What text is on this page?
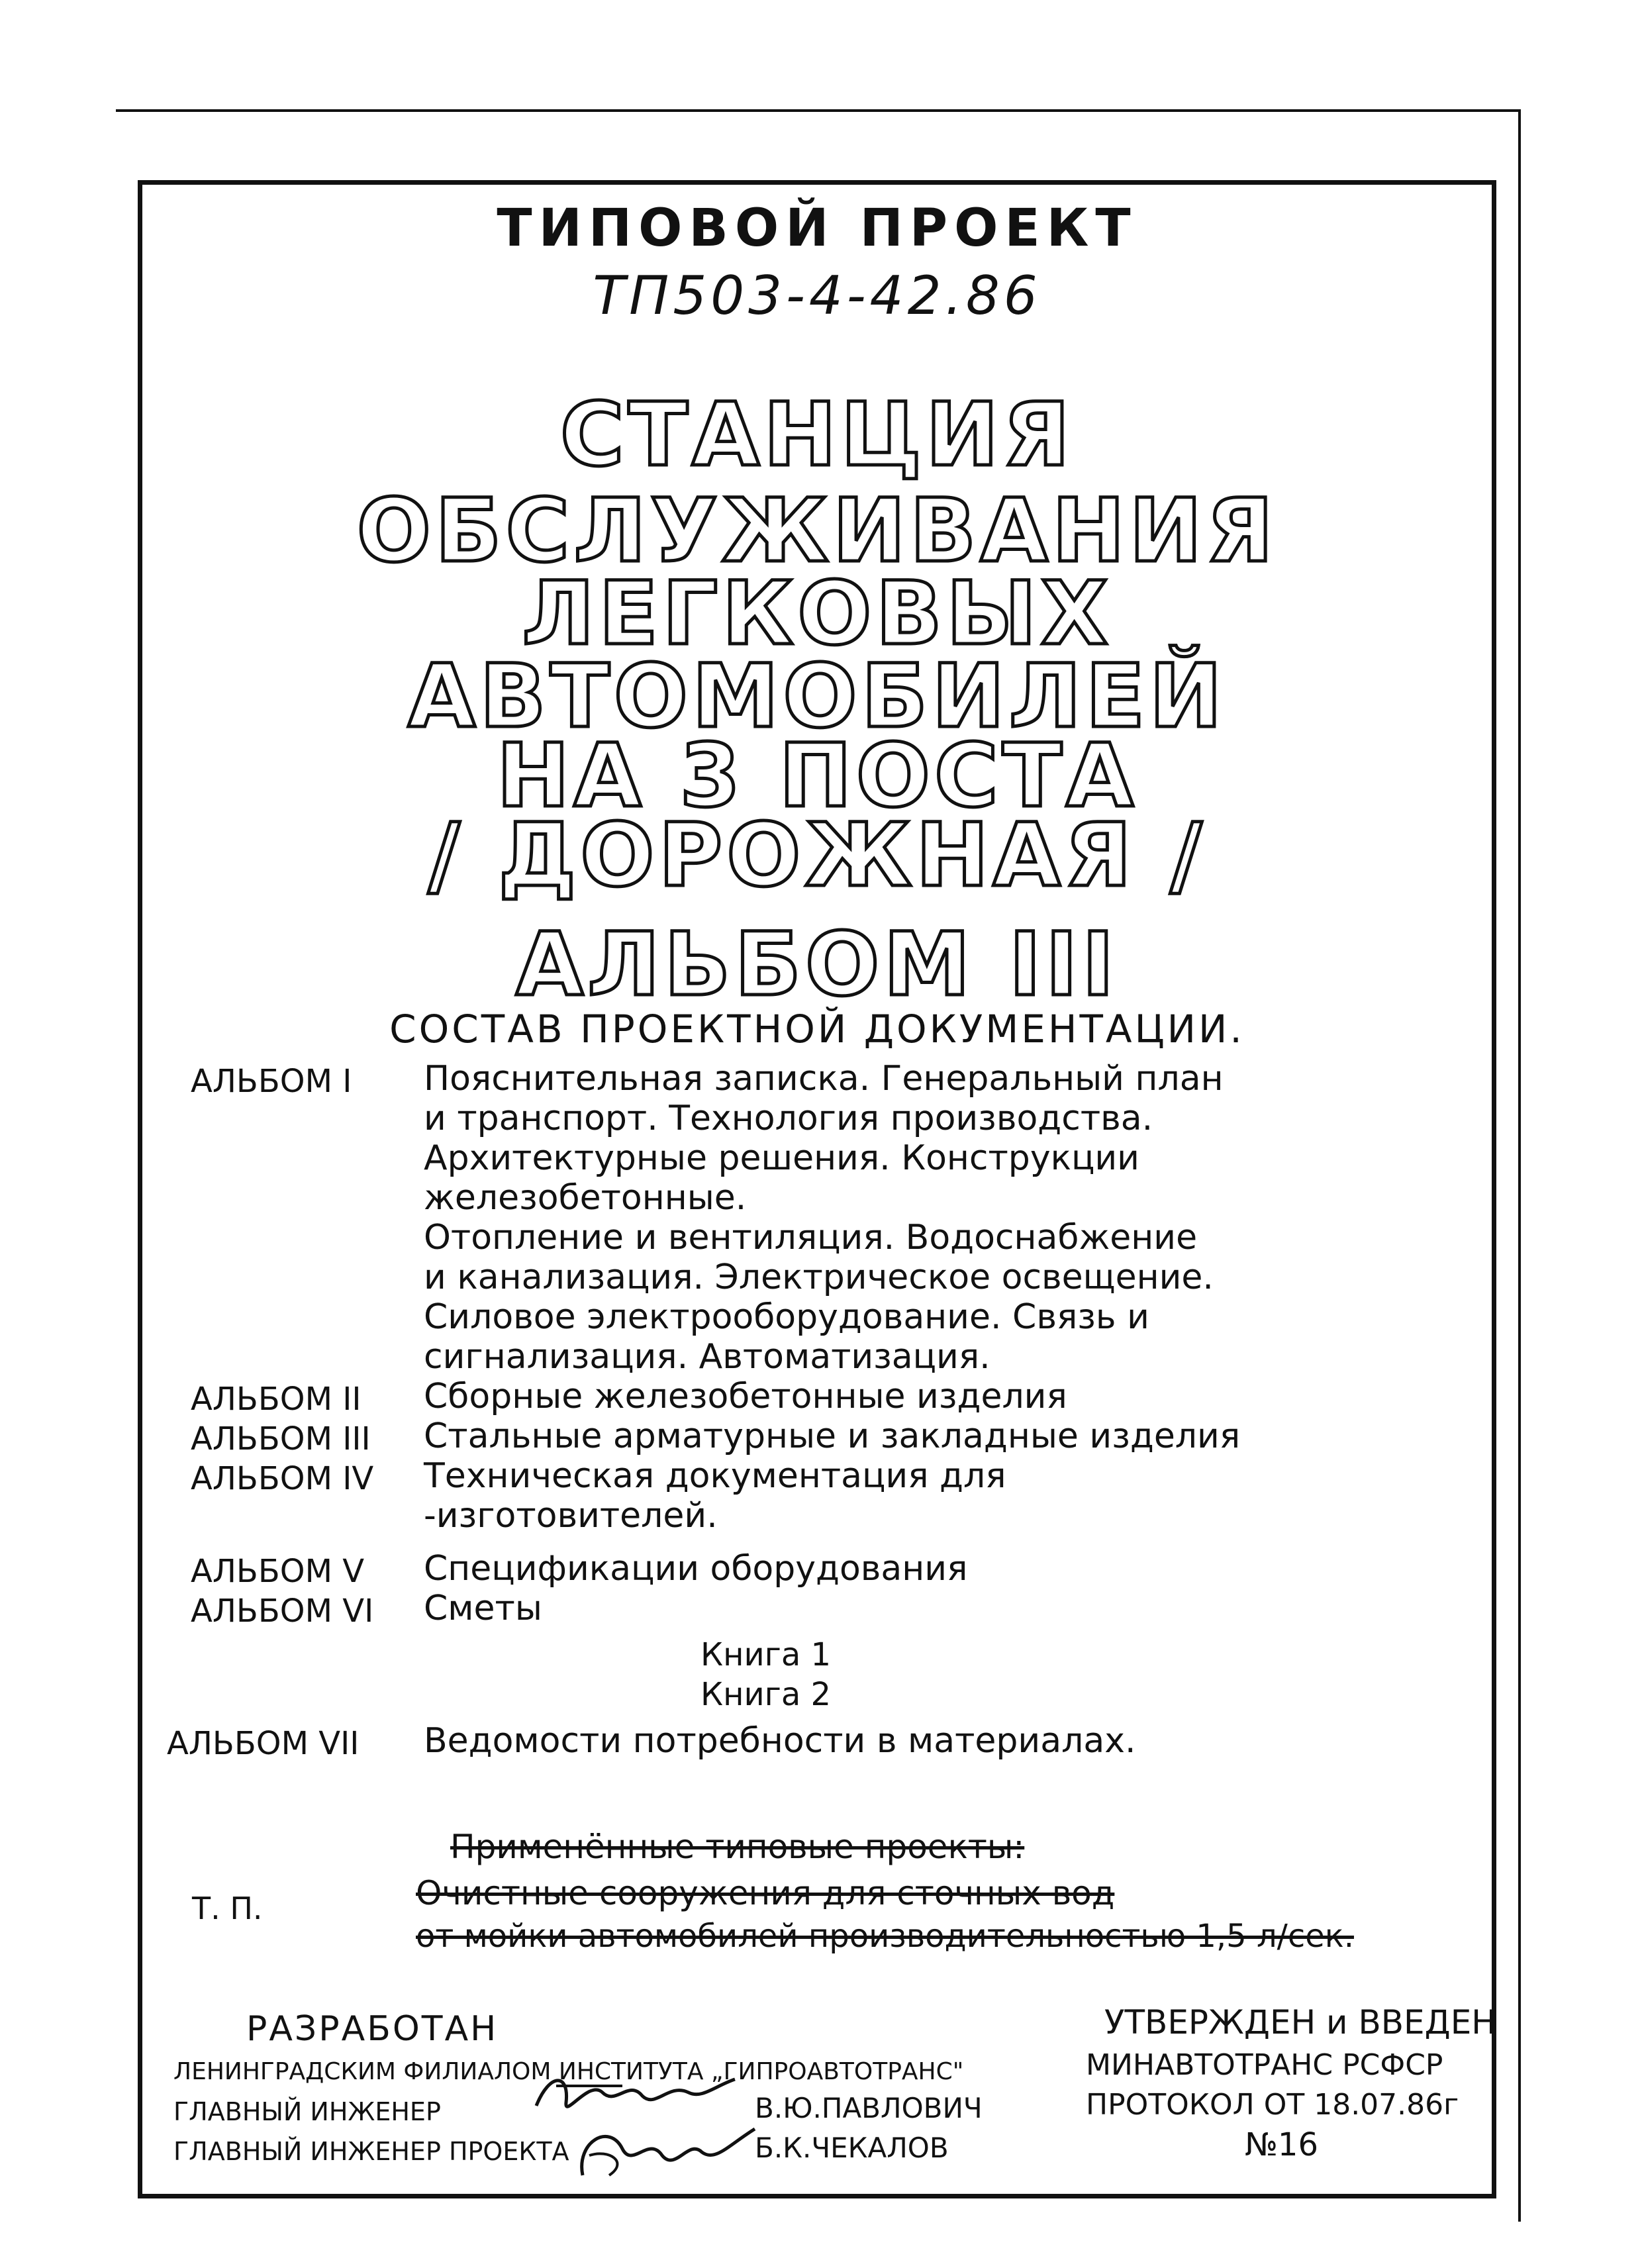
ТИПОВОЙ ПРОЕКТ
ТП503-4-42.86
СТАНЦИЯ
ОБСЛУЖИВАНИЯ
ЛЕГКОВЫХ
АВТОМОБИЛЕЙ
НА 3 ПОСТА
/ ДОРОЖНАЯ /
АЛЬБОМ III
СОСТАВ ПРОЕКТНОЙ ДОКУМЕНТАЦИИ.
АЛЬБОМ I Пояснительная записка. Генеральный план
и транспорт. Технология производства.
Архитектурные решения. Конструкции
железобетонные.
Отопление и вентиляция. Водоснабжение
и канализация. Электрическое освещение.
Силовое электрооборудование. Связь и
сигнализация. Автоматизация.
АЛЬБОМ II Сборные железобетонные изделия
АЛЬБОМ III Стальные арматурные и закладные изделия
АЛЬБОМ IV Техническая документация для
-изготовителей.
АЛЬБОМ V Спецификации оборудования
АЛЬБОМ VI Сметы
Книга 1
Книга 2
АЛЬБОМ VII Ведомости потребности в материалах.
Применённые типовые проекты:
Т. П.	Очистные сооружения для сточных вод
от мойки автомобилей производительностью 1,5 л/сек.
РАЗРАБОТАН
ЛЕНИНГРАДСКИМ ФИЛИАЛОМ ИНСТИТУТА „ГИПРОАВТОТРАНС"
ГЛАВНЫЙ ИНЖЕНЕР	В.Ю.ПАВЛОВИЧ
ГЛАВНЫЙ ИНЖЕНЕР ПРОЕКТА	Б.К.ЧЕКАЛОВ
УТВЕРЖДЕН и ВВЕДЕН
МИНАВТОТРАНС РСФСР
ПРОТОКОЛ ОТ 18.07.86г
№16
